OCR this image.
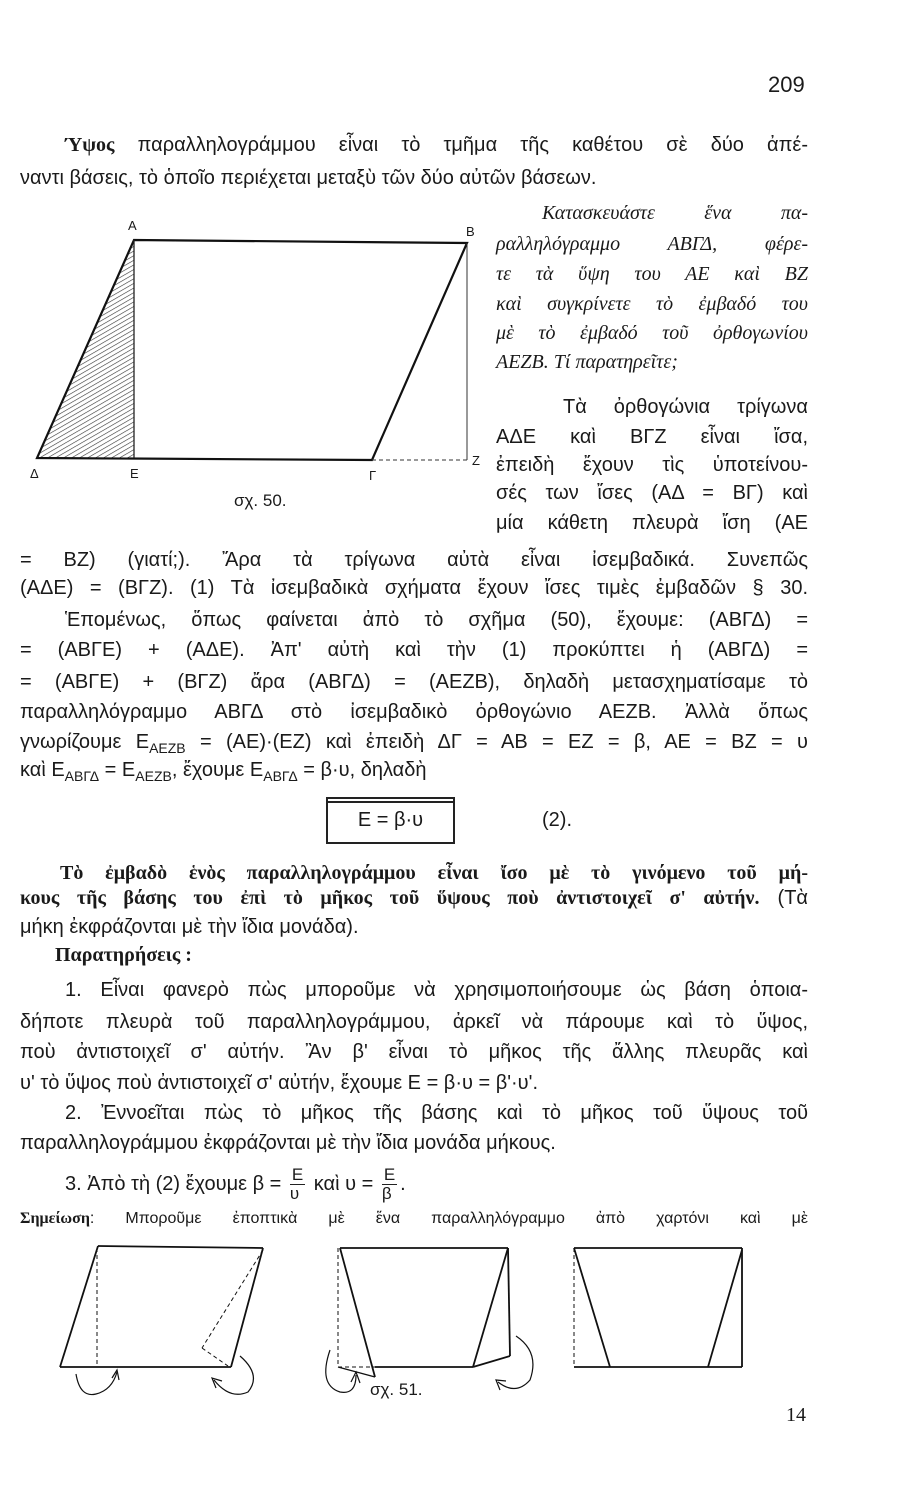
209
Ύψος παραλληλογράμμου εἶναι τὸ τμῆμα τῆς καθέτου σὲ δύο ἀπέ-
ναντι βάσεις, τὸ ὁποῖο περιέχεται μεταξὺ τῶν δύο αὐτῶν βάσεων.
Α	Β
Δ	Ε	Γ
Ζ
σχ. 50.
Κατασκευάστε ἕνα πα-
ραλληλόγραμμο ΑΒΓΔ, φέρε-
τε τὰ ὕψη του ΑΕ καὶ ΒΖ
καὶ συγκρίνετε τὸ ἐμβαδό του
μὲ τὸ ἐμβαδό τοῦ ὀρθογωνίου
ΑΕΖΒ. Τί παρατηρεῖτε;
Τὰ ὀρθογώνια τρίγωνα
ΑΔΕ καὶ ΒΓΖ εἶναι ἴσα,
ἐπειδὴ ἔχουν τὶς ὑποτείνου-
σές των ἴσες (ΑΔ = ΒΓ) καὶ
μία κάθετη πλευρὰ ἴση (ΑΕ
= ΒΖ) (γιατί;). Ἄρα τὰ τρίγωνα αὐτὰ εἶναι ἰσεμβαδικά. Συνεπῶς
(ΑΔΕ) = (ΒΓΖ). (1) Τὰ ἰσεμβαδικὰ σχήματα ἔχουν ἴσες τιμὲς ἐμβαδῶν § 30.
Ἑπομένως, ὅπως φαίνεται ἀπὸ τὸ σχῆμα (50), ἔχουμε: (ΑΒΓΔ) =
= (ΑΒΓΕ) + (ΑΔΕ). Ἀπ' αὐτὴ καὶ τὴν (1) προκύπτει ἡ (ΑΒΓΔ) =
= (ΑΒΓΕ) + (ΒΓΖ) ἄρα (ΑΒΓΔ) = (ΑΕΖΒ), δηλαδὴ μετασχηματίσαμε τὸ
παραλληλόγραμμο ΑΒΓΔ στὸ ἰσεμβαδικὸ ὀρθογώνιο ΑΕΖΒ. Ἀλλὰ ὅπως
γνωρίζουμε $E_{AEZB} = (AE)\cdot(EZ)$ καὶ ἐπειδὴ ΔΓ = ΑΒ = ΕΖ = β, ΑΕ = ΒΖ = υ
καὶ $E_{AB\Gamma\Delta} = E_{AEZB}$, ἔχουμε $E_{AB\Gamma\Delta} = \beta\cdot\upsilon$, δηλαδὴ
Ε = β·υ	(2).
Τὸ ἐμβαδὸ ἑνὸς παραλληλογράμμου εἶναι ἴσο μὲ τὸ γινόμενο τοῦ μή-
κους τῆς βάσης του ἐπὶ τὸ μῆκος τοῦ ὕψους ποὺ ἀντιστοιχεῖ σ' αὐτήν. (Τὰ
μήκη ἐκφράζονται μὲ τὴν ἴδια μονάδα).
Παρατηρήσεις :
1. Εἶναι φανερὸ πὼς μποροῦμε νὰ χρησιμοποιήσουμε ὡς βάση ὁποια-
δήποτε πλευρὰ τοῦ παραλληλογράμμου, ἀρκεῖ νὰ πάρουμε καὶ τὸ ὕψος,
ποὺ ἀντιστοιχεῖ σ' αὐτήν. Ἂν β' εἶναι τὸ μῆκος τῆς ἄλλης πλευρᾶς καὶ
υ' τὸ ὕψος ποὺ ἀντιστοιχεῖ σ' αὐτήν, ἔχουμε Ε = β·υ = β'·υ'.
2. Ἐννοεῖται πὼς τὸ μῆκος τῆς βάσης καὶ τὸ μῆκος τοῦ ὕψους τοῦ
παραλληλογράμμου ἐκφράζονται μὲ τὴν ἴδια μονάδα μήκους.
3. Ἀπὸ τὴ (2) ἔχουμε $\beta = \frac{E}{\upsilon}$ καὶ $\upsilon = \frac{E}{\beta}$ .
Σημείωση: Μποροῦμε ἐποπτικὰ μὲ ἕνα παραλληλόγραμμο ἀπὸ χαρτόνι καὶ μὲ
σχ. 51.
14
